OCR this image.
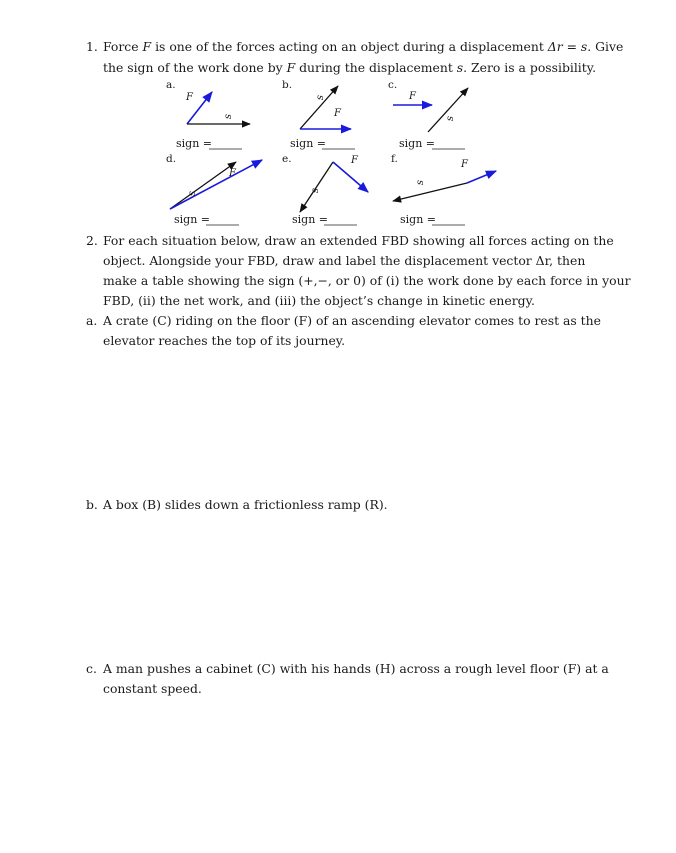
1. Force F is one of the forces acting on an object during a displacement Δr = s. Give
the sign of the work done by F during the displacement s. Zero is a possibility.
a.	b.	c.
d.	e.	f.
F
s
s
F
F
s
F
s
F
s
F
s
sign =	sign =	sign =
sign =	sign =	sign =
2. For each situation below, draw an extended FBD showing all forces acting on the
object. Alongside your FBD, draw and label the displacement vector Δr, then
make a table showing the sign (+,−, or 0) of (i) the work done by each force in your
FBD, (ii) the net work, and (iii) the object’s change in kinetic energy.
a. A crate (C) riding on the floor (F) of an ascending elevator comes to rest as the
elevator reaches the top of its journey.
b. A box (B) slides down a frictionless ramp (R).
c. A man pushes a cabinet (C) with his hands (H) across a rough level floor (F) at a
constant speed.
